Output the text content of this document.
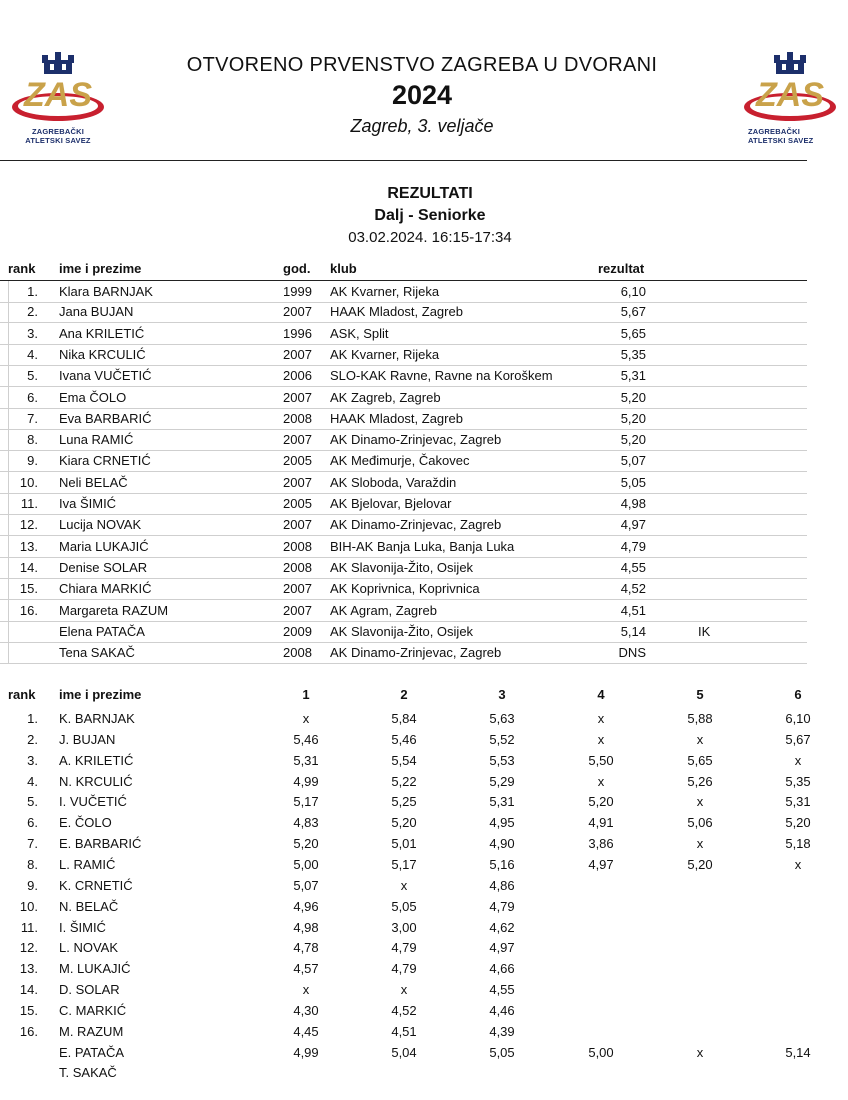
ZAS
ZAGREBAČKI
ATLETSKI SAVEZ
ZAS
ZAGREBAČKI
ATLETSKI SAVEZ
OTVORENO PRVENSTVO ZAGREBA U DVORANI
2024
Zagreb, 3. veljače
REZULTATI
Dalj - Seniorke
03.02.2024. 16:15-17:34
rank ime i prezime	god. klub	rezultat
1. Klara BARNJAK	1999 AK Kvarner, Rijeka	6,10
2. Jana BUJAN	2007 HAAK Mladost, Zagreb	5,67
3. Ana KRILETIĆ	1996 ASK, Split	5,65
4. Nika KRCULIĆ	2007 AK Kvarner, Rijeka	5,35
5. Ivana VUČETIĆ	2006 SLO-KAK Ravne, Ravne na Koroškem	5,31
6. Ema ČOLO	2007 AK Zagreb, Zagreb	5,20
7. Eva BARBARIĆ	2008 HAAK Mladost, Zagreb	5,20
8. Luna RAMIĆ	2007 AK Dinamo-Zrinjevac, Zagreb	5,20
9. Kiara CRNETIĆ	2005 AK Međimurje, Čakovec	5,07
10. Neli BELAČ	2007 AK Sloboda, Varaždin	5,05
11. Iva ŠIMIĆ	2005 AK Bjelovar, Bjelovar	4,98
12. Lucija NOVAK	2007 AK Dinamo-Zrinjevac, Zagreb	4,97
13. Maria LUKAJIĆ	2008 BIH-AK Banja Luka, Banja Luka	4,79
14. Denise SOLAR	2008 AK Slavonija-Žito, Osijek	4,55
15. Chiara MARKIĆ	2007 AK Koprivnica, Koprivnica	4,52
16. Margareta RAZUM	2007 AK Agram, Zagreb	4,51
Elena PATAČA	2009 AK Slavonija-Žito, Osijek	5,14	IK
Tena SAKAČ	2008 AK Dinamo-Zrinjevac, Zagreb	DNS
rank ime i prezime	1	2	3	4	5	6
1. K. BARNJAK	x	5,84	5,63	x	5,88	6,10
2. J. BUJAN	5,46	5,46	5,52	x	x	5,67
3. A. KRILETIĆ	5,31	5,54	5,53	5,50	5,65	x
4. N. KRCULIĆ	4,99	5,22	5,29	x	5,26	5,35
5. I. VUČETIĆ	5,17	5,25	5,31	5,20	x	5,31
6. E. ČOLO	4,83	5,20	4,95	4,91	5,06	5,20
7. E. BARBARIĆ	5,20	5,01	4,90	3,86	x	5,18
8. L. RAMIĆ	5,00	5,17	5,16	4,97	5,20	x
9. K. CRNETIĆ	5,07	x	4,86
10. N. BELAČ	4,96	5,05	4,79
11. I. ŠIMIĆ	4,98	3,00	4,62
12. L. NOVAK	4,78	4,79	4,97
13. M. LUKAJIĆ	4,57	4,79	4,66
14. D. SOLAR	x	x	4,55
15. C. MARKIĆ	4,30	4,52	4,46
16. M. RAZUM	4,45	4,51	4,39
E. PATAČA	4,99	5,04	5,05	5,00	x	5,14
T. SAKAČ
